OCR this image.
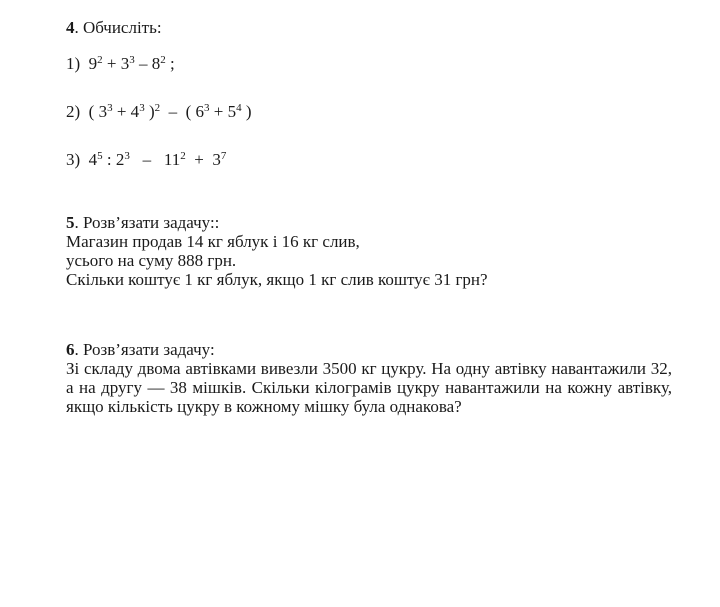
4. Обчисліть:
1) $9^2 + 3^3 - 8^2$ ;
2) ( $3^3 + 4^3$ )$^2$  –  ( $6^3 + 5^4$ )
3) $4^5$ : $2^3 - 11^2 + 3^7$
5. Розв’язати задачу::
Магазин продав 14 кг яблук і 16 кг слив,
усього на суму 888 грн.
Скільки коштує 1 кг яблук, якщо 1 кг слив коштує 31 грн?
6. Розв’язати задачу:
Зі складу двома автівками вивезли 3500 кг цукру. На одну автівку навантажили 32, а на другу — 38 мішків. Скільки кілограмів цукру навантажили на кожну автівку, якщо кількість цукру в кожному мішку була однакова?
